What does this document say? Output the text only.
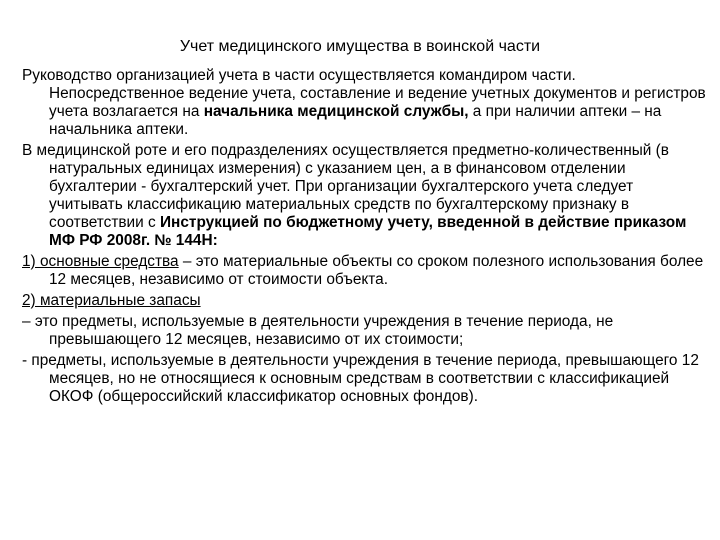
Учет медицинского имущества в воинской части

Руководство организацией учета в части осуществляется командиром части. Непосредственное ведение учета, составление и ведение учетных документов и регистров учета возлагается на начальника медицинской службы, а при наличии аптеки – на начальника аптеки.

В медицинской роте и его подразделениях осуществляется предметно-количественный (в натуральных единицах измерения) с указанием цен, а в финансовом отделении бухгалтерии - бухгалтерский учет. При организации бухгалтерского учета следует учитывать классификацию материальных средств по бухгалтерскому признаку в соответствии с Инструкцией по бюджетному учету, введенной в действие приказом МФ РФ 2008г. № 144Н:

1) основные средства – это материальные объекты со сроком полезного использования более 12 месяцев, независимо от стоимости объекта.

2) материальные запасы

– это предметы, используемые в деятельности учреждения в течение периода, не превышающего 12 месяцев, независимо от их стоимости;

- предметы, используемые в деятельности учреждения в течение периода, превышающего 12 месяцев, но не относящиеся к основным средствам в соответствии с классификацией ОКОФ (общероссийский классификатор основных фондов).
